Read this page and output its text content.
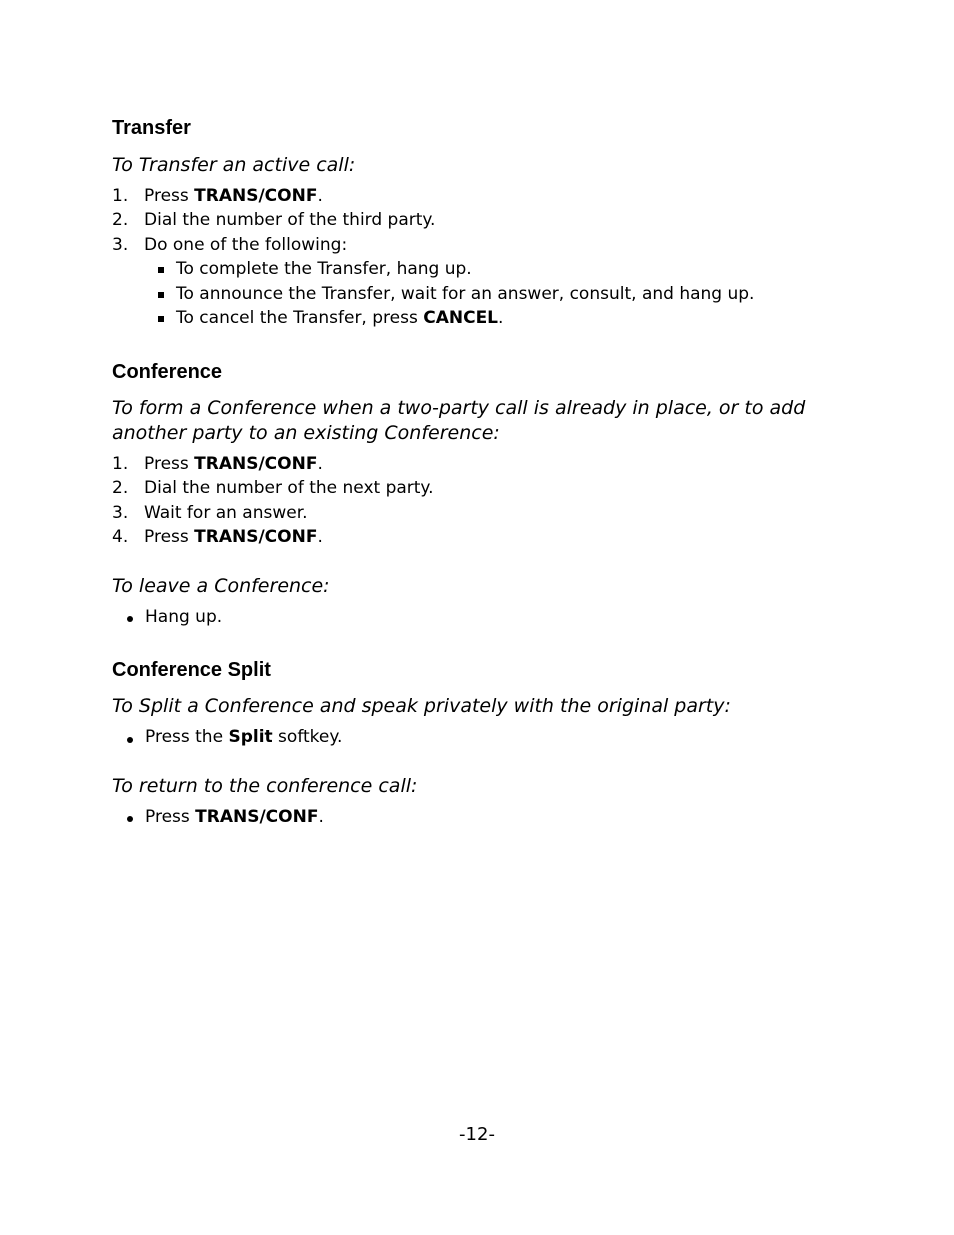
Transfer

To Transfer an active call:

1. Press TRANS/CONF.
2. Dial the number of the third party.
3. Do one of the following:
To complete the Transfer, hang up.
To announce the Transfer, wait for an answer, consult, and hang up.
To cancel the Transfer, press CANCEL.
Conference

To form a Conference when a two-party call is already in place, or to add another party to an existing Conference:

1. Press TRANS/CONF.
2. Dial the number of the next party.
3. Wait for an answer.
4. Press TRANS/CONF.

To leave a Conference:

Hang up.
Conference Split

To Split a Conference and speak privately with the original party:

Press the Split softkey.

To return to the conference call:

Press TRANS/CONF.
-12-
